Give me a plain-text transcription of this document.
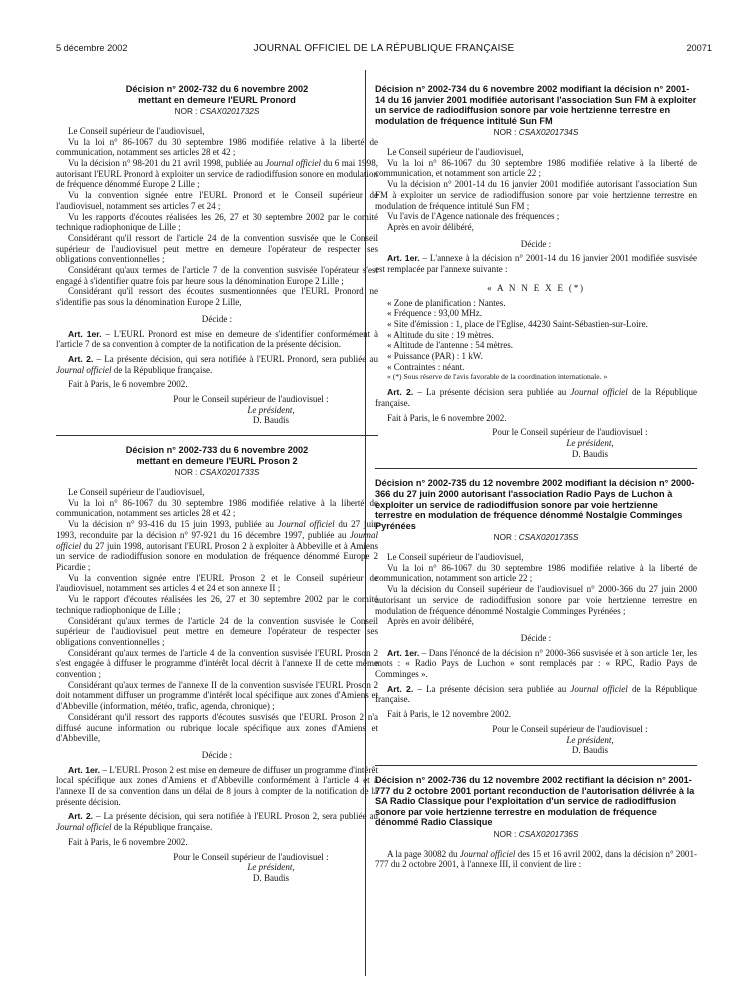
5 décembre 2002	JOURNAL OFFICIEL DE LA RÉPUBLIQUE FRANÇAISE	20071
Décision n° 2002-732 du 6 novembre 2002
mettant en demeure l'EURL Pronord
NOR : CSAX0201732S

Le Conseil supérieur de l'audiovisuel,

Vu la loi n° 86-1067 du 30 septembre 1986 modifiée relative à la liberté de communication, notamment ses articles 28 et 42 ;

Vu la décision n° 98-201 du 21 avril 1998, publiée au Journal officiel du 6 mai 1998, autorisant l'EURL Pronord à exploiter un service de radiodiffusion sonore en modulation de fréquence dénommé Europe 2 Lille ;

Vu la convention signée entre l'EURL Pronord et le Conseil supérieur de l'audiovisuel, notamment ses articles 7 et 24 ;

Vu les rapports d'écoutes réalisées les 26, 27 et 30 septembre 2002 par le comité technique radiophonique de Lille ;

Considérant qu'il ressort de l'article 24 de la convention susvisée que le Conseil supérieur de l'audiovisuel peut mettre en demeure l'opérateur de respecter ses obligations conventionnelles ;

Considérant qu'aux termes de l'article 7 de la convention susvisée l'opérateur s'est engagé à s'identifier quatre fois par heure sous la dénomination Europe 2 Lille ;

Considérant qu'il ressort des écoutes susmentionnées que l'EURL Pronord ne s'identifie pas sous la dénomination Europe 2 Lille,

Décide :

Art. 1er. – L'EURL Pronord est mise en demeure de s'identifier conformément à l'article 7 de sa convention à compter de la notification de la présente décision.

Art. 2. – La présente décision, qui sera notifiée à l'EURL Pronord, sera publiée au Journal officiel de la République française.

Fait à Paris, le 6 novembre 2002.

Pour le Conseil supérieur de l'audiovisuel :
Le président,
D. Baudis
Décision n° 2002-733 du 6 novembre 2002
mettant en demeure l'EURL Proson 2
NOR : CSAX0201733S

Le Conseil supérieur de l'audiovisuel,

Vu la loi n° 86-1067 du 30 septembre 1986 modifiée relative à la liberté de communication, notamment ses articles 28 et 42 ;

Vu la décision n° 93-416 du 15 juin 1993, publiée au Journal officiel du 27 juin 1993, reconduite par la décision n° 97-921 du 16 décembre 1997, publiée au Journal officiel du 27 juin 1998, autorisant l'EURL Proson 2 à exploiter à Abbeville et à Amiens un service de radiodiffusion sonore en modulation de fréquence dénommé Europe 2 Picardie ;

Vu la convention signée entre l'EURL Proson 2 et le Conseil supérieur de l'audiovisuel, notamment ses articles 4 et 24 et son annexe II ;

Vu le rapport d'écoutes réalisées les 26, 27 et 30 septembre 2002 par le comité technique radiophonique de Lille ;

Considérant qu'aux termes de l'article 24 de la convention susvisée le Conseil supérieur de l'audiovisuel peut mettre en demeure l'opérateur de respecter ses obligations conventionnelles ;

Considérant qu'aux termes de l'article 4 de la convention susvisée l'EURL Proson 2 s'est engagée à diffuser le programme d'intérêt local décrit à l'annexe II de cette même convention ;

Considérant qu'aux termes de l'annexe II de la convention susvisée l'EURL Proson 2 doit notamment diffuser un programme d'intérêt local spécifique aux zones d'Amiens et d'Abbeville (information, météo, trafic, agenda, chronique) ;

Considérant qu'il ressort des rapports d'écoutes susvisés que l'EURL Proson 2 n'a diffusé aucune information ou rubrique locale spécifique aux zones d'Amiens et d'Abbeville,

Décide :

Art. 1er. – L'EURL Proson 2 est mise en demeure de diffuser un programme d'intérêt local spécifique aux zones d'Amiens et d'Abbeville conformément à l'article 4 et à l'annexe II de sa convention dans un délai de 8 jours à compter de la notification de la présente décision.

Art. 2. – La présente décision, qui sera notifiée à l'EURL Proson 2, sera publiée au Journal officiel de la République française.

Fait à Paris, le 6 novembre 2002.

Pour le Conseil supérieur de l'audiovisuel :
Le président,
D. Baudis
Décision n° 2002-734 du 6 novembre 2002 modifiant la décision n° 2001-14 du 16 janvier 2001 modifiée autorisant l'association Sun FM à exploiter un service de radiodiffusion sonore par voie hertzienne terrestre en modulation de fréquence intitulé Sun FM
NOR : CSAX0201734S

Le Conseil supérieur de l'audiovisuel,

Vu la loi n° 86-1067 du 30 septembre 1986 modifiée relative à la liberté de communication, et notamment son article 22 ;

Vu la décision n° 2001-14 du 16 janvier 2001 modifiée autorisant l'association Sun FM à exploiter un service de radiodiffusion sonore par voie hertzienne terrestre en modulation de fréquence intitulé Sun FM ;

Vu l'avis de l'Agence nationale des fréquences ;

Après en avoir délibéré,

Décide :

Art. 1er. – L'annexe à la décision n° 2001-14 du 16 janvier 2001 modifiée susvisée est remplacée par l'annexe suivante :

« A N N E X E (*)

« Zone de planification : Nantes.

« Fréquence : 93,00 MHz.

« Site d'émission : 1, place de l'Eglise, 44230 Saint-Sébastien-sur-Loire.

« Altitude du site : 19 mètres.

« Altitude de l'antenne : 54 mètres.

« Puissance (PAR) : 1 kW.

« Contraintes : néant.

« (*) Sous réserve de l'avis favorable de la coordination internationale. »

Art. 2. – La présente décision sera publiée au Journal officiel de la République française.

Fait à Paris, le 6 novembre 2002.

Pour le Conseil supérieur de l'audiovisuel :
Le président,
D. Baudis
Décision n° 2002-735 du 12 novembre 2002 modifiant la décision n° 2000-366 du 27 juin 2000 autorisant l'association Radio Pays de Luchon à exploiter un service de radiodiffusion sonore par voie hertzienne terrestre en modulation de fréquence dénommé Nostalgie Comminges Pyrénées
NOR : CSAX0201735S

Le Conseil supérieur de l'audiovisuel,

Vu la loi n° 86-1067 du 30 septembre 1986 modifiée relative à la liberté de communication, notamment son article 22 ;

Vu la décision du Conseil supérieur de l'audiovisuel n° 2000-366 du 27 juin 2000 autorisant un service de radiodiffusion sonore par voie hertzienne terrestre en modulation de fréquence dénommé Nostalgie Comminges Pyrénées ;

Après en avoir délibéré,

Décide :

Art. 1er. – Dans l'énoncé de la décision n° 2000-366 susvisée et à son article 1er, les mots : « Radio Pays de Luchon » sont remplacés par : « RPC, Radio Pays de Comminges ».

Art. 2. – La présente décision sera publiée au Journal officiel de la République française.

Fait à Paris, le 12 novembre 2002.

Pour le Conseil supérieur de l'audiovisuel :
Le président,
D. Baudis
Décision n° 2002-736 du 12 novembre 2002 rectifiant la décision n° 2001-777 du 2 octobre 2001 portant reconduction de l'autorisation délivrée à la SA Radio Classique pour l'exploitation d'un service de radiodiffusion sonore par voie hertzienne terrestre en modulation de fréquence dénommé Radio Classique
NOR : CSAX0201736S

A la page 30082 du Journal officiel des 15 et 16 avril 2002, dans la décision n° 2001-777 du 2 octobre 2001, à l'annexe III, il convient de lire :
